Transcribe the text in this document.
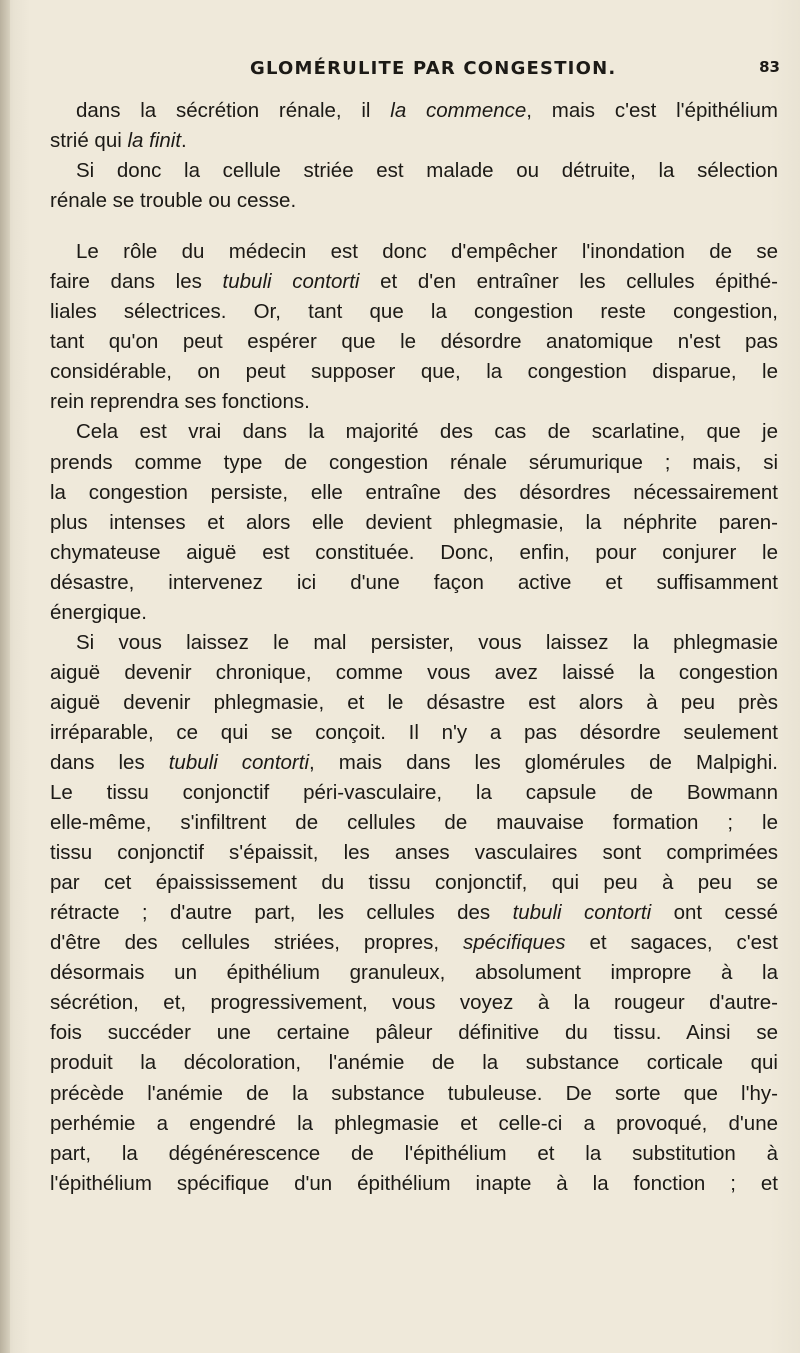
GLOMÉRULITE PAR CONGESTION.	83

dans la sécrétion rénale, il la commence, mais c'est l'épithélium
strié qui la finit.

Si donc la cellule striée est malade ou détruite, la sélection
rénale se trouble ou cesse.

Le rôle du médecin est donc d'empêcher l'inondation de se
faire dans les tubuli contorti et d'en entraîner les cellules épithé-
liales sélectrices. Or, tant que la congestion reste congestion,
tant qu'on peut espérer que le désordre anatomique n'est pas
considérable, on peut supposer que, la congestion disparue, le
rein reprendra ses fonctions.

Cela est vrai dans la majorité des cas de scarlatine, que je
prends comme type de congestion rénale sérumurique ; mais, si
la congestion persiste, elle entraîne des désordres nécessairement
plus intenses et alors elle devient phlegmasie, la néphrite paren-
chymateuse aiguë est constituée. Donc, enfin, pour conjurer le
désastre, intervenez ici d'une façon active et suffisamment
énergique.

Si vous laissez le mal persister, vous laissez la phlegmasie
aiguë devenir chronique, comme vous avez laissé la congestion
aiguë devenir phlegmasie, et le désastre est alors à peu près
irréparable, ce qui se conçoit. Il n'y a pas désordre seulement
dans les tubuli contorti, mais dans les glomérules de Malpighi.
Le tissu conjonctif péri-vasculaire, la capsule de Bowmann
elle-même, s'infiltrent de cellules de mauvaise formation ; le
tissu conjonctif s'épaissit, les anses vasculaires sont comprimées
par cet épaississement du tissu conjonctif, qui peu à peu se
rétracte ; d'autre part, les cellules des tubuli contorti ont cessé
d'être des cellules striées, propres, spécifiques et sagaces, c'est
désormais un épithélium granuleux, absolument impropre à la
sécrétion, et, progressivement, vous voyez à la rougeur d'autre-
fois succéder une certaine pâleur définitive du tissu. Ainsi se
produit la décoloration, l'anémie de la substance corticale qui
précède l'anémie de la substance tubuleuse. De sorte que l'hy-
perhémie a engendré la phlegmasie et celle-ci a provoqué, d'une
part, la dégénérescence de l'épithélium et la substitution à
l'épithélium spécifique d'un épithélium inapte à la fonction ; et
